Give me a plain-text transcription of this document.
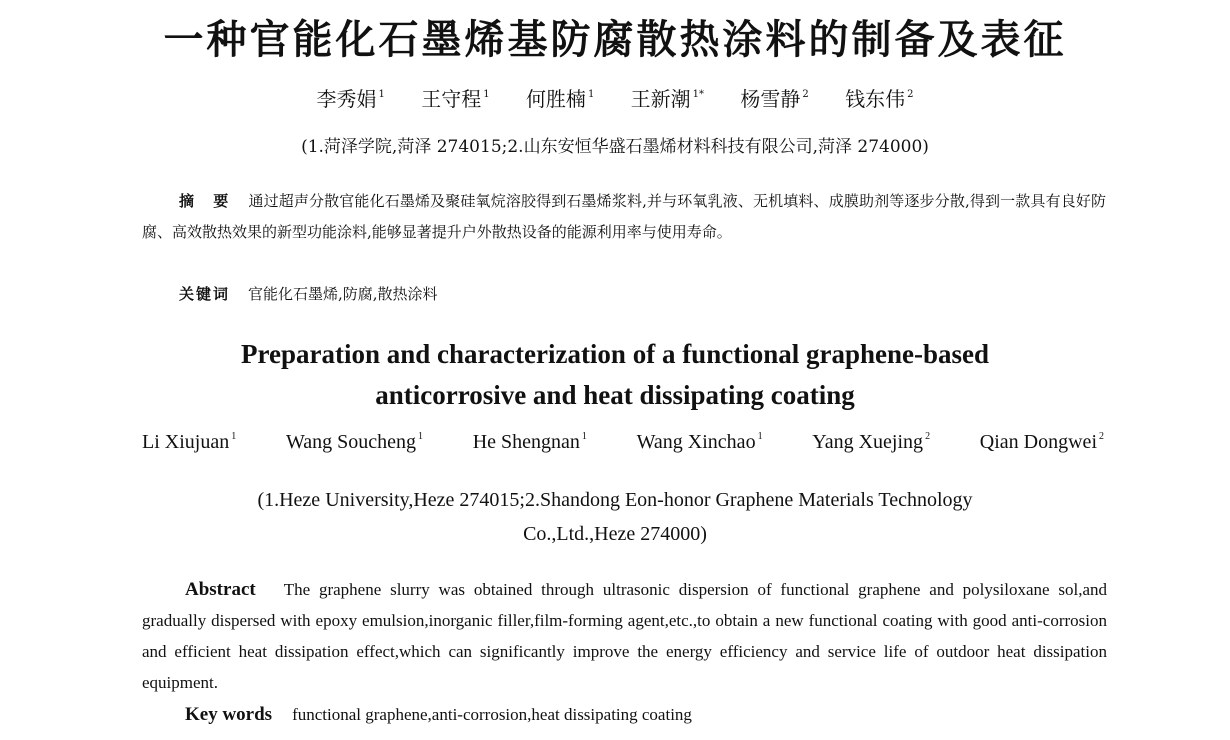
一种官能化石墨烯基防腐散热涂料的制备及表征
李秀娟 $^1$ 王守程 $^1$ 何胜楠 $^1$ 王新潮 $^{1*}$ 杨雪静 $^2$ 钱东伟 $^2$
(1.菏泽学院,菏泽 274015;2.山东安恒华盛石墨烯材料科技有限公司,菏泽 274000)
摘　要 通过超声分散官能化石墨烯及聚硅氧烷溶胶得到石墨烯浆料,并与环氧乳液、无机填料、成膜助剂等逐步分散,得到一款具有良好防腐、高效散热效果的新型功能涂料,能够显著提升户外散热设备的能源利用率与使用寿命。
关键词 官能化石墨烯,防腐,散热涂料
Preparation and characterization of a functional graphene-based
anticorrosive and heat dissipating coating
Li Xiujuan $^1$ Wang Soucheng $^1$ He Shengnan $^1$ Wang Xinchao $^1$ Yang Xuejing $^2$ Qian Dongwei $^2$
(1.Heze University,Heze 274015;2.Shandong Eon-honor Graphene Materials Technology
Co.,Ltd.,Heze 274000)
Abstract The graphene slurry was obtained through ultrasonic dispersion of functional graphene and polysiloxane sol,and gradually dispersed with epoxy emulsion,inorganic filler,film-forming agent,etc.,to obtain a new functional coating with good anti-corrosion and efficient heat dissipation effect,which can significantly improve the energy efficiency and service life of outdoor heat dissipation equipment.
Key words functional graphene,anti-corrosion,heat dissipating coating
